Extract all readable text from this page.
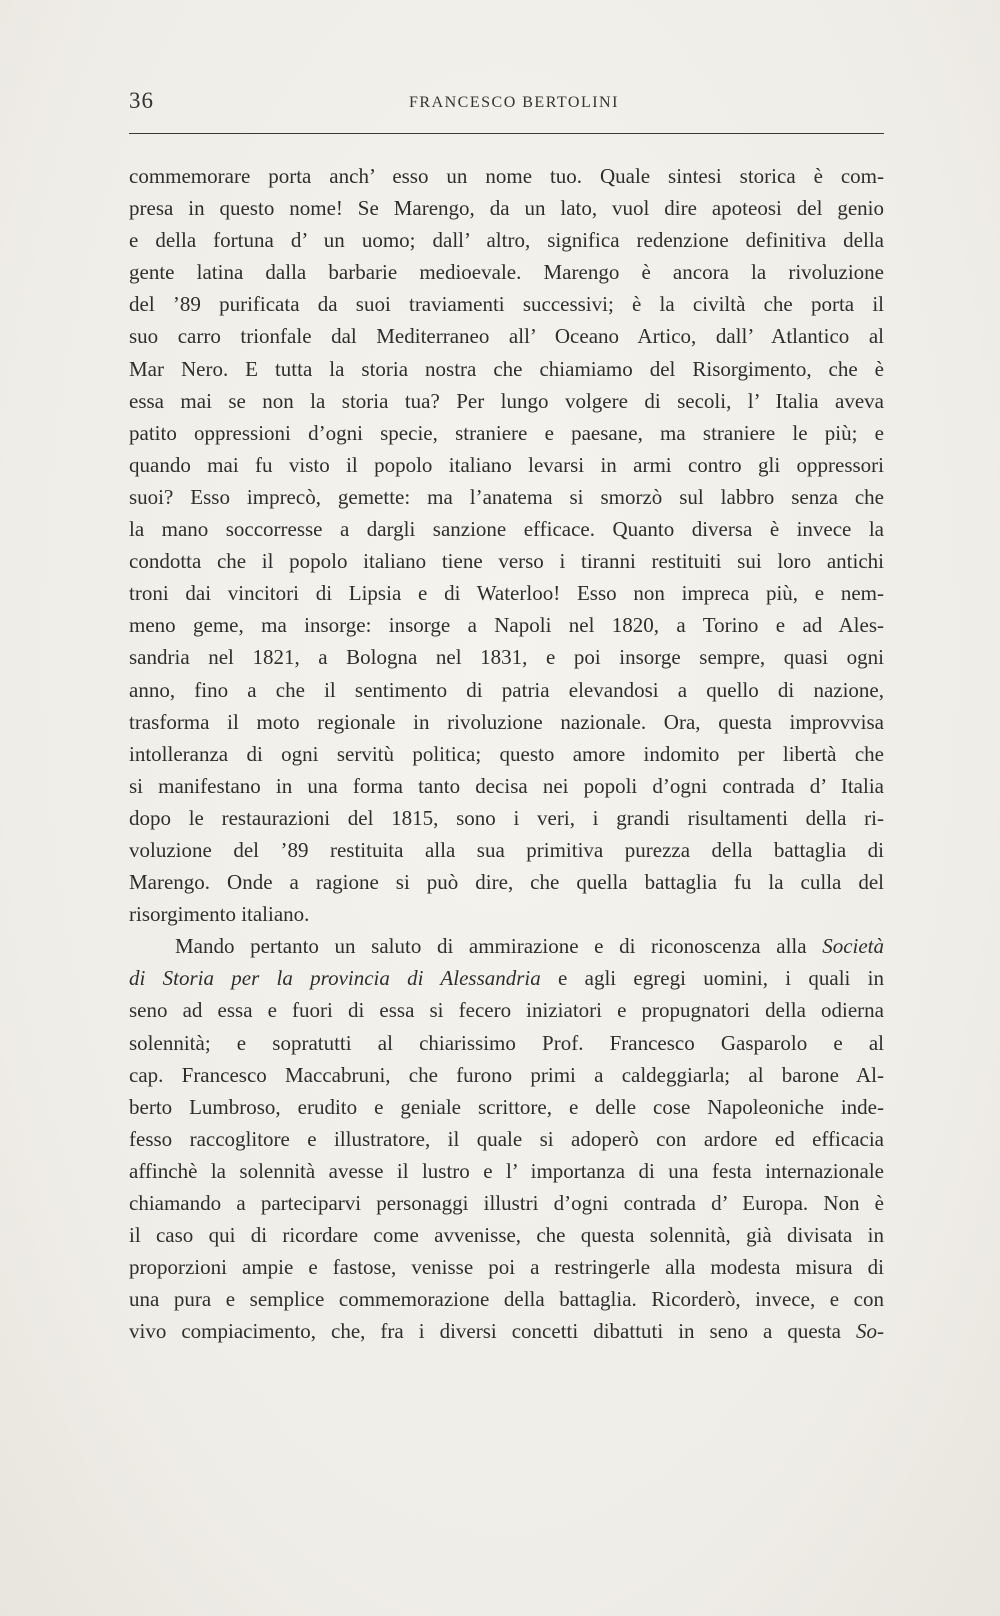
36	FRANCESCO BERTOLINI
commemorare porta anch’ esso un nome tuo. Quale sintesi storica è com-
presa in questo nome! Se Marengo, da un lato, vuol dire apoteosi del genio
e della fortuna d’ un uomo; dall’ altro, significa redenzione definitiva della
gente latina dalla barbarie medioevale. Marengo è ancora la rivoluzione
del ’89 purificata da suoi traviamenti successivi; è la civiltà che porta il
suo carro trionfale dal Mediterraneo all’ Oceano Artico, dall’ Atlantico al
Mar Nero. E tutta la storia nostra che chiamiamo del Risorgimento, che è
essa mai se non la storia tua? Per lungo volgere di secoli, l’ Italia aveva
patito oppressioni d’ogni specie, straniere e paesane, ma straniere le più; e
quando mai fu visto il popolo italiano levarsi in armi contro gli oppressori
suoi? Esso imprecò, gemette: ma l’anatema si smorzò sul labbro senza che
la mano soccorresse a dargli sanzione efficace. Quanto diversa è invece la
condotta che il popolo italiano tiene verso i tiranni restituiti sui loro antichi
troni dai vincitori di Lipsia e di Waterloo! Esso non impreca più, e nem-
meno geme, ma insorge: insorge a Napoli nel 1820, a Torino e ad Ales-
sandria nel 1821, a Bologna nel 1831, e poi insorge sempre, quasi ogni
anno, fino a che il sentimento di patria elevandosi a quello di nazione,
trasforma il moto regionale in rivoluzione nazionale. Ora, questa improvvisa
intolleranza di ogni servitù politica; questo amore indomito per libertà che
si manifestano in una forma tanto decisa nei popoli d’ogni contrada d’ Italia
dopo le restaurazioni del 1815, sono i veri, i grandi risultamenti della ri-
voluzione del ’89 restituita alla sua primitiva purezza della battaglia di
Marengo. Onde a ragione si può dire, che quella battaglia fu la culla del
risorgimento italiano.
Mando pertanto un saluto di ammirazione e di riconoscenza alla Società
di Storia per la provincia di Alessandria e agli egregi uomini, i quali in
seno ad essa e fuori di essa si fecero iniziatori e propugnatori della odierna
solennità; e sopratutti al chiarissimo Prof. Francesco Gasparolo e al
cap. Francesco Maccabruni, che furono primi a caldeggiarla; al barone Al-
berto Lumbroso, erudito e geniale scrittore, e delle cose Napoleoniche inde-
fesso raccoglitore e illustratore, il quale si adoperò con ardore ed efficacia
affinchè la solennità avesse il lustro e l’ importanza di una festa internazionale
chiamando a parteciparvi personaggi illustri d’ogni contrada d’ Europa. Non è
il caso qui di ricordare come avvenisse, che questa solennità, già divisata in
proporzioni ampie e fastose, venisse poi a restringerle alla modesta misura di
una pura e semplice commemorazione della battaglia. Ricorderò, invece, e con
vivo compiacimento, che, fra i diversi concetti dibattuti in seno a questa So-
